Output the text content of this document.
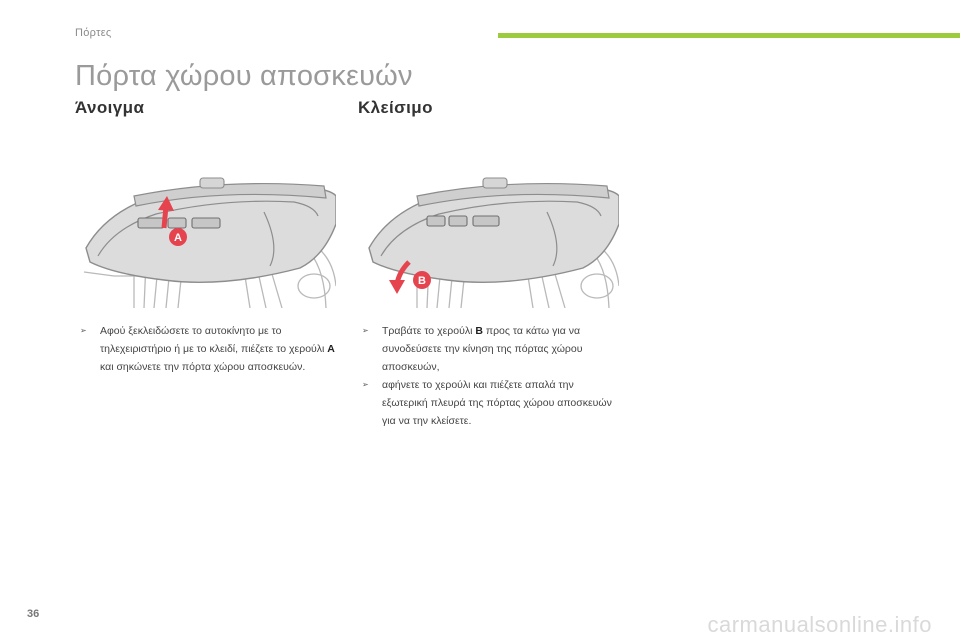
Πόρτες
Πόρτα χώρου αποσκευών
Άνοιγμα	Κλείσιμο
A
B
➢ Αφού ξεκλειδώσετε το αυτοκίνητο με το τηλεχειριστήριο ή με το κλειδί, πιέζετε το χερούλι A και σηκώνετε την πόρτα χώρου αποσκευών.
➢ Τραβάτε το χερούλι B προς τα κάτω για να συνοδεύσετε την κίνηση της πόρτας χώρου αποσκευών,
➢ αφήνετε το χερούλι και πιέζετε απαλά την εξωτερική πλευρά της πόρτας χώρου αποσκευών για να την κλείσετε.
36	carmanualsonline.info
